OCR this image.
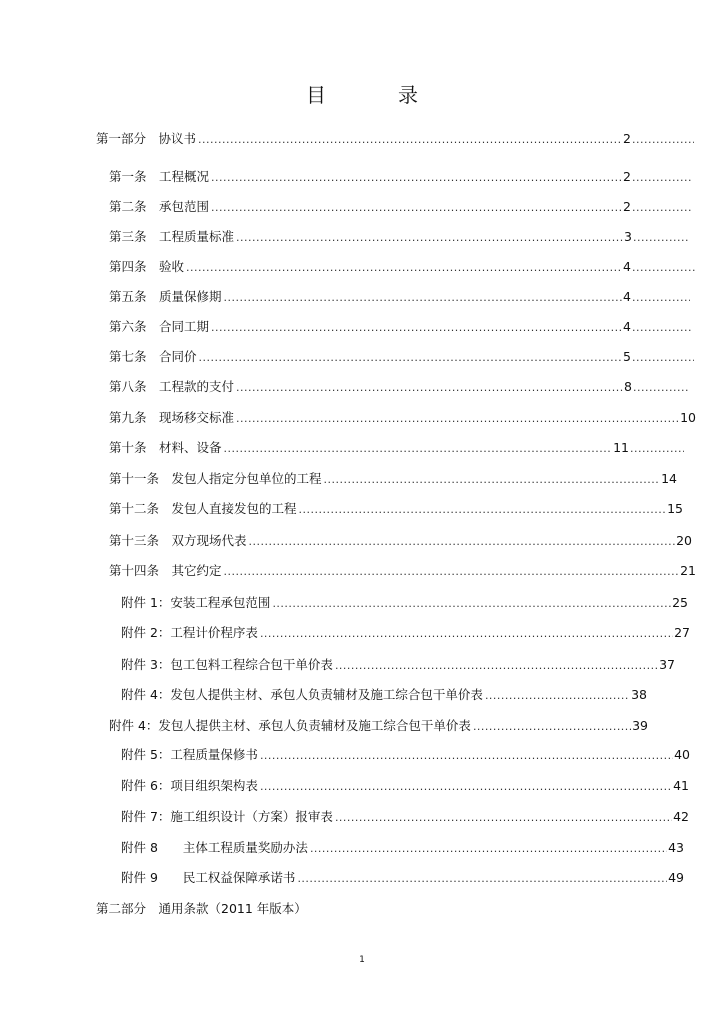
目　录
第一部分　协议书 .....	2
.....
第一条　工程概况 .....	2
.....
第二条　承包范围 .....	2
.....
第三条　工程质量标准 .....	3
.....
第四条　验收 .....	4
.....
第五条　质量保修期 .....	4
.....
第六条　合同工期 .....	4
.....
第七条　合同价 .....	5
.....
第八条　工程款的支付 .....	8
.....
第九条　现场移交标准 .....	10
第十条　材料、设备 .....	11
.....
第十一条　发包人指定分包单位的工程 .....	14
第十二条　发包人直接发包的工程 .....	15
第十三条　双方现场代表 .....	20
第十四条　其它约定 .....	21
附件 1：安装工程承包范围 .....	25
附件 2：工程计价程序表 .....	27
附件 3：包工包料工程综合包干单价表 .....	37
附件 4：发包人提供主材、承包人负责辅材及施工综合包干单价表 .....	38
附件 4：发包人提供主材、承包人负责辅材及施工综合包干单价表 .....	39
附件 5：工程质量保修书 .....	40
附件 6：项目组织架构表 .....	41
附件 7：施工组织设计（方案）报审表 .....	42
附件 8　　主体工程质量奖励办法 .....	43
附件 9　　民工权益保障承诺书 .....	49
第二部分　通用条款（2011 年版本）
1
